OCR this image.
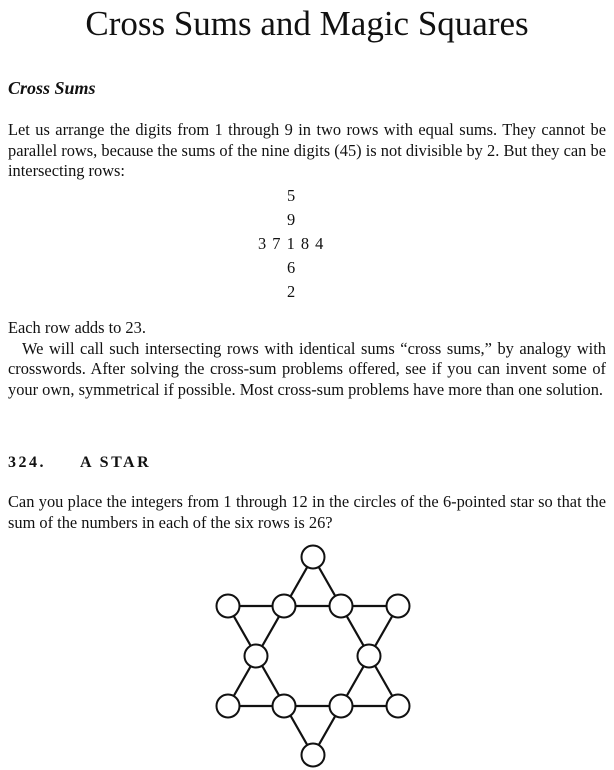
Cross Sums and Magic Squares
Cross Sums
Let us arrange the digits from 1 through 9 in two rows with equal sums. They cannot be parallel rows, because the sums of the nine digits (45) is not divisible by 2. But they can be intersecting rows:
5
9
3 7 1 8 4
6
2
Each row adds to 23.
We will call such intersecting rows with identical sums “cross sums,” by analogy with crosswords. After solving the cross-sum problems offered, see if you can invent some of your own, symmetrical if possible. Most cross-sum problems have more than one solution.
324. A STAR
Can you place the integers from 1 through 12 in the circles of the 6-pointed star so that the sum of the numbers in each of the six rows is 26?
